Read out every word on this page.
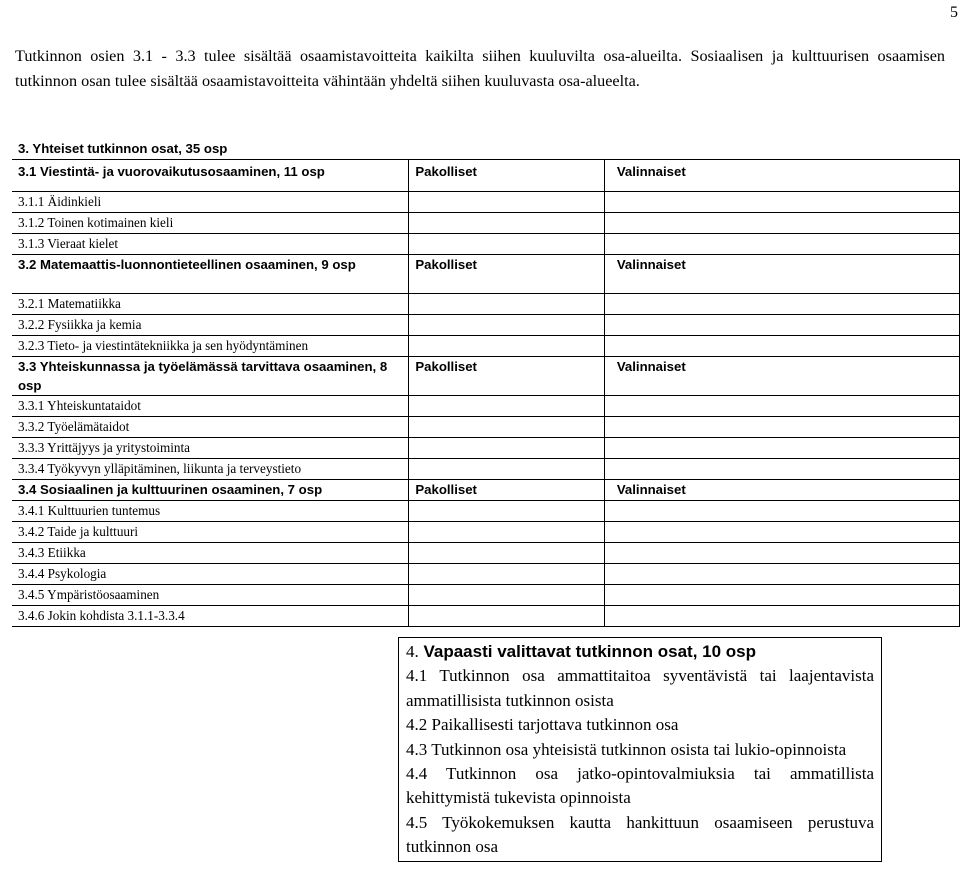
5

Tutkinnon osien 3.1 - 3.3 tulee sisältää osaamistavoitteita kaikilta siihen kuuluvilta osa-alueilta. Sosiaalisen ja kulttuurisen osaamisen tutkinnon osan tulee sisältää osaamistavoitteita vähintään yhdeltä siihen kuuluvasta osa-alueelta.

3. Yhteiset tutkinnon osat, 35 osp

3.1 Viestintä- ja vuorovaikutusosaaminen, 11 osp	Pakolliset	Valinnaiset
3.1.1 Äidinkieli		
3.1.2 Toinen kotimainen kieli		
3.1.3 Vieraat kielet		
3.2 Matemaattis-luonnontieteellinen osaaminen, 9 osp	Pakolliset	Valinnaiset
3.2.1 Matematiikka		
3.2.2 Fysiikka ja kemia		
3.2.3 Tieto- ja viestintätekniikka ja sen hyödyntäminen		
3.3 Yhteiskunnassa ja työelämässä tarvittava osaaminen, 8 osp	Pakolliset	Valinnaiset
3.3.1 Yhteiskuntataidot		
3.3.2 Työelämätaidot		
3.3.3 Yrittäjyys ja yritystoiminta		
3.3.4 Työkyvyn ylläpitäminen, liikunta ja terveystieto		
3.4 Sosiaalinen ja kulttuurinen osaaminen, 7 osp	Pakolliset	Valinnaiset
3.4.1 Kulttuurien tuntemus		
3.4.2 Taide ja kulttuuri		
3.4.3 Etiikka		
3.4.4 Psykologia		
3.4.5 Ympäristöosaaminen		
3.4.6 Jokin kohdista 3.1.1-3.3.4		
4. Vapaasti valittavat tutkinnon osat, 10 osp

4.1 Tutkinnon osa ammattitaitoa syventävistä tai laajentavista ammatillisista tutkinnon osista

4.2 Paikallisesti tarjottava tutkinnon osa

4.3 Tutkinnon osa yhteisistä tutkinnon osista tai lukio-opinnoista

4.4 Tutkinnon osa jatko-opintovalmiuksia tai ammatillista kehittymistä tukevista opinnoista

4.5 Työkokemuksen kautta hankittuun osaamiseen perustuva tutkinnon osa
